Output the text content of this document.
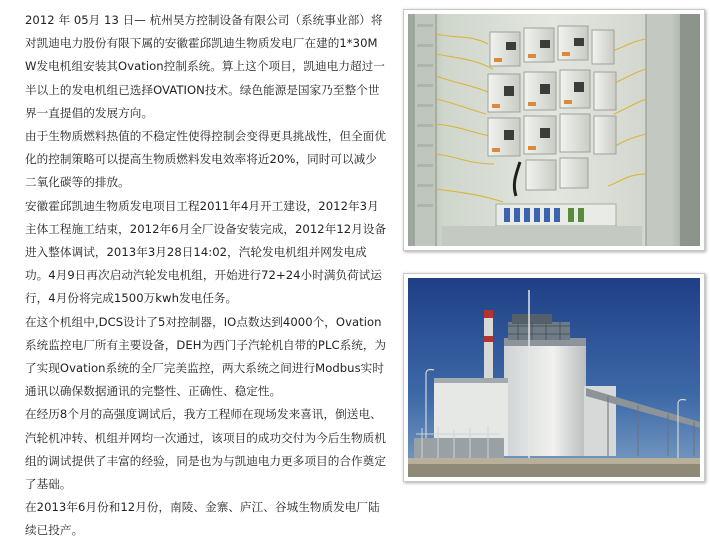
2012 年 05月 13 日— 杭州昊方控制设备有限公司（系统事业部）将对凯迪电力股份有限下属的安徽霍邱凯迪生物质发电厂在建的1*30MW发电机组安装其Ovation控制系统。算上这个项目，凯迪电力超过一半以上的发电机组已选择OVATION技术。绿色能源是国家乃至整个世界一直提倡的发展方向。

由于生物质燃料热值的不稳定性使得控制会变得更具挑战性，但全面优化的控制策略可以提高生物质燃料发电效率将近20%，同时可以减少二氧化碳等的排放。

安徽霍邱凯迪生物质发电项目工程2011年4月开工建设，2012年3月主体工程施工结束，2012年6月全厂设备安装完成，2012年12月设备进入整体调试，2013年3月28日14:02，汽轮发电机组并网发电成功。4月9日再次启动汽轮发电机组，开始进行72+24小时满负荷试运行，4月份将完成1500万kwh发电任务。

在这个机组中,DCS设计了5对控制器，IO点数达到4000个，Ovation系统监控电厂所有主要设备，DEH为西门子汽轮机自带的PLC系统，为了实现Ovation系统的全厂完美监控，两大系统之间进行Modbus实时通讯以确保数据通讯的完整性、正确性、稳定性。

在经历8个月的高强度调试后，我方工程师在现场发来喜讯，倒送电、汽轮机冲转、机组并网均一次通过，该项目的成功交付为今后生物质机组的调试提供了丰富的经验，同是也为与凯迪电力更多项目的合作奠定了基础。

在2013年6月份和12月份，南陵、金寨、庐江、谷城生物质发电厂陆续已投产。
